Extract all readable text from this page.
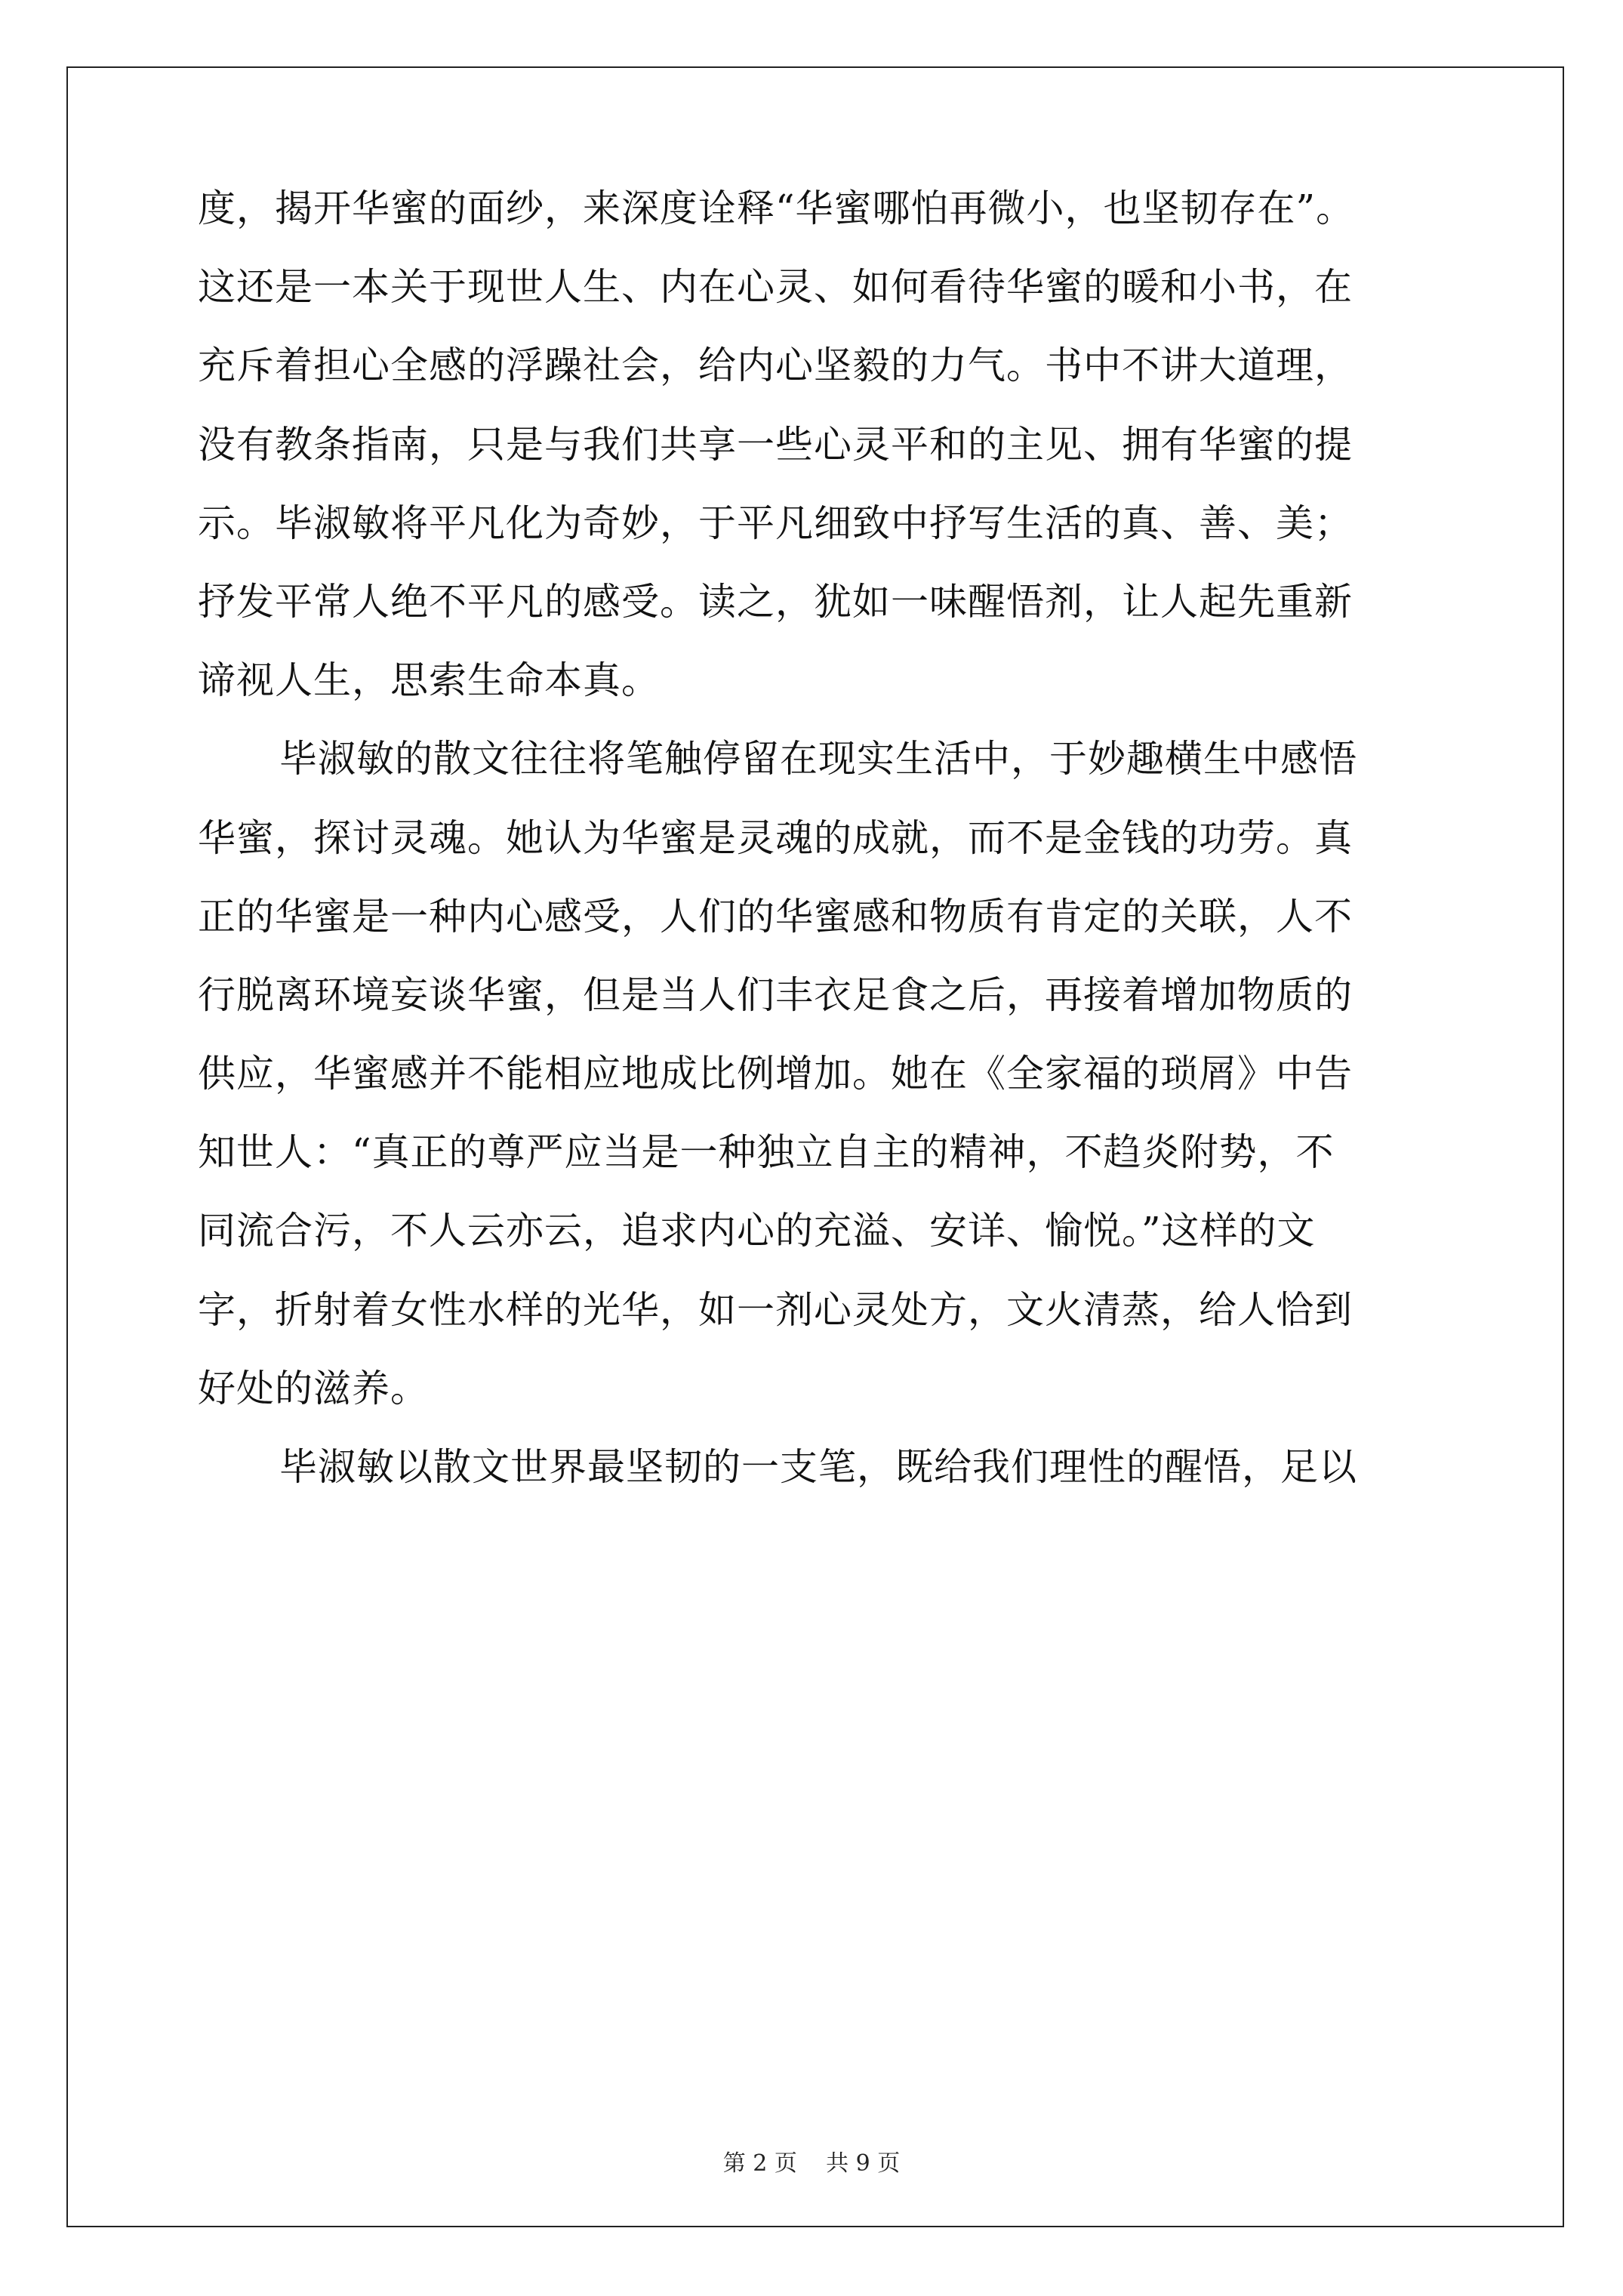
度，揭开华蜜的面纱，来深度诠释“华蜜哪怕再微小，也坚韧存在”。

这还是一本关于现世人生、内在心灵、如何看待华蜜的暖和小书，在

充斥着担心全感的浮躁社会，给内心坚毅的力气。书中不讲大道理，

没有教条指南，只是与我们共享一些心灵平和的主见、拥有华蜜的提

示。毕淑敏将平凡化为奇妙，于平凡细致中抒写生活的真、善、美；

抒发平常人绝不平凡的感受。读之，犹如一味醒悟剂，让人起先重新

谛视人生，思索生命本真。

毕淑敏的散文往往将笔触停留在现实生活中，于妙趣横生中感悟

华蜜，探讨灵魂。她认为华蜜是灵魂的成就，而不是金钱的功劳。真

正的华蜜是一种内心感受，人们的华蜜感和物质有肯定的关联，人不

行脱离环境妄谈华蜜，但是当人们丰衣足食之后，再接着增加物质的

供应，华蜜感并不能相应地成比例增加。她在《全家福的琐屑》中告

知世人：“真正的尊严应当是一种独立自主的精神，不趋炎附势，不

同流合污，不人云亦云，追求内心的充溢、安详、愉悦。”这样的文

字，折射着女性水样的光华，如一剂心灵处方，文火清蒸，给人恰到

好处的滋养。

毕淑敏以散文世界最坚韧的一支笔，既给我们理性的醒悟，足以

第 2 页    共 9 页
